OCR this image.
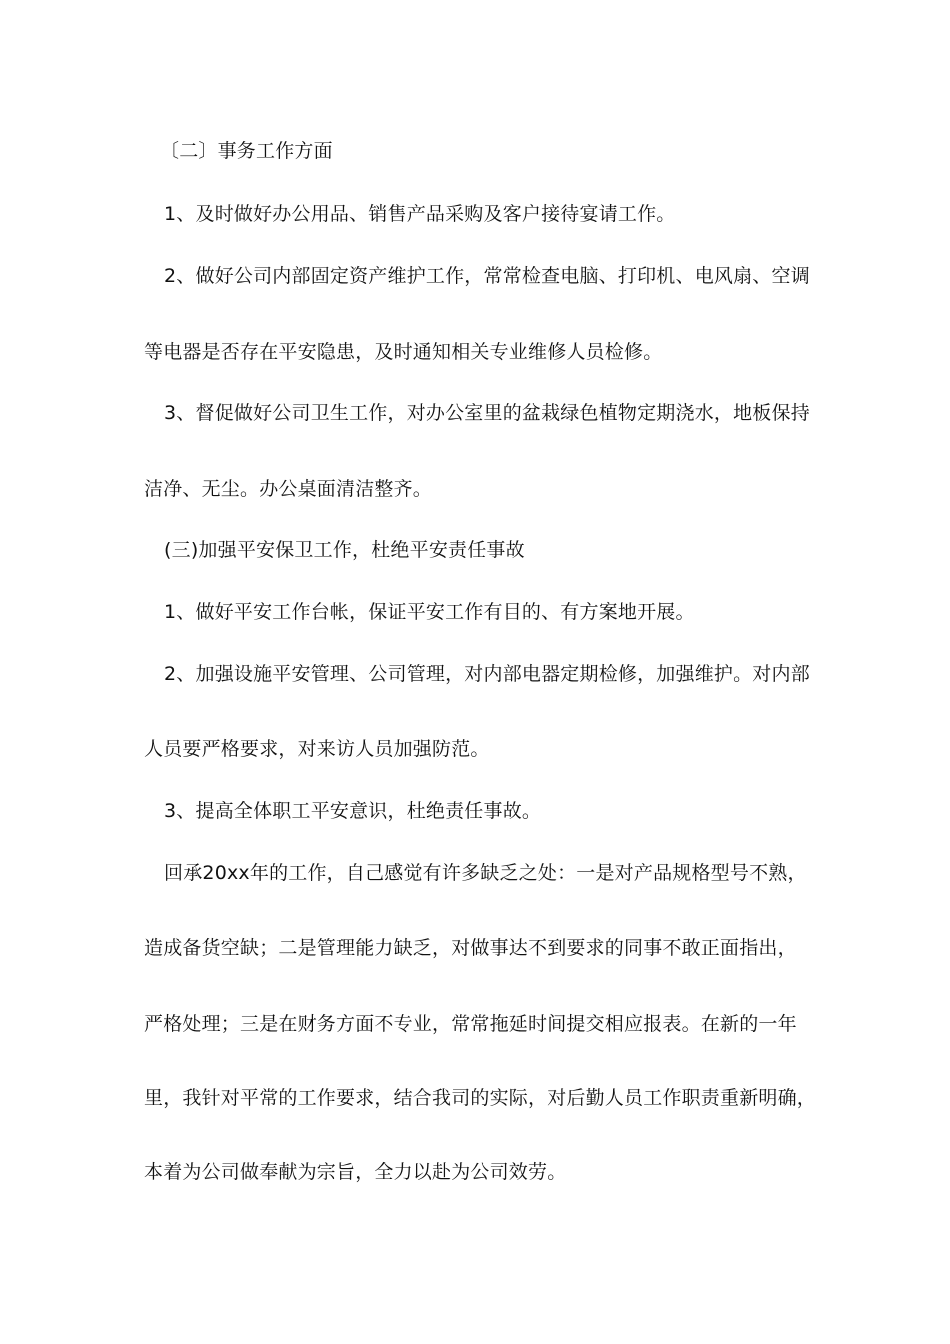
〔二〕事务工作方面
1、及时做好办公用品、销售产品采购及客户接待宴请工作。
2、做好公司内部固定资产维护工作，常常检查电脑、打印机、电风扇、空调
等电器是否存在平安隐患，及时通知相关专业维修人员检修。
3、督促做好公司卫生工作，对办公室里的盆栽绿色植物定期浇水，地板保持
洁净、无尘。办公桌面清洁整齐。
(三)加强平安保卫工作，杜绝平安责任事故
1、做好平安工作台帐，保证平安工作有目的、有方案地开展。
2、加强设施平安管理、公司管理，对内部电器定期检修，加强维护。对内部
人员要严格要求，对来访人员加强防范。
3、提高全体职工平安意识，杜绝责任事故。
回承20xx年的工作，自己感觉有许多缺乏之处：一是对产品规格型号不熟，
造成备货空缺；二是管理能力缺乏，对做事达不到要求的同事不敢正面指出，
严格处理；三是在财务方面不专业，常常拖延时间提交相应报表。在新的一年
里，我针对平常的工作要求，结合我司的实际，对后勤人员工作职责重新明确，
本着为公司做奉献为宗旨，全力以赴为公司效劳。
